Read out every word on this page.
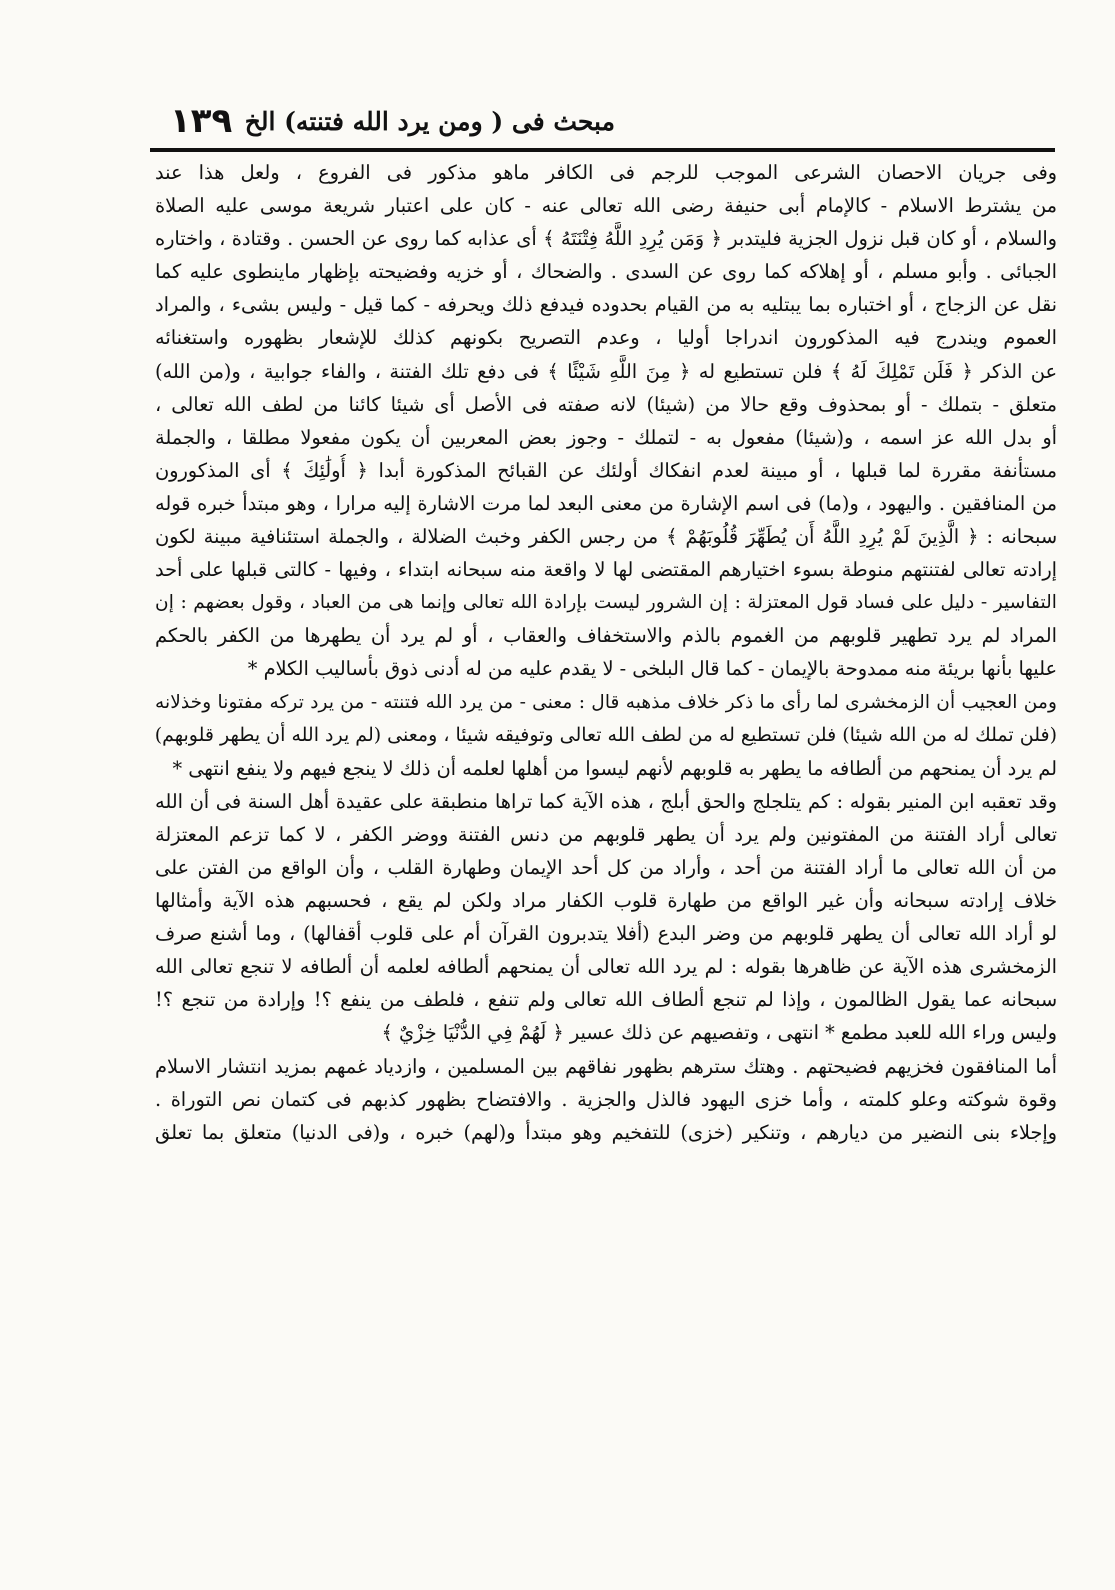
١٣٩ مبحث فى ( ومن يرد الله فتنته) الخ
وفى جريان الاحصان الشرعى الموجب للرجم فى الكافر ماهو مذكور فى الفروع ، ولعل هذا عند
من يشترط الاسلام - كالإمام أبى حنيفة رضى الله تعالى عنه - كان على اعتبار شريعة موسى عليه الصلاة
والسلام ، أو كان قبل نزول الجزية فليتدبر ﴿ وَمَن يُرِدِ اللَّهُ فِتْنَتَهُ ﴾ أى عذابه كما روى عن الحسن . وقتادة ، واختاره
الجبائى . وأبو مسلم ، أو إهلاكه كما روى عن السدى . والضحاك ، أو خزيه وفضيحته بإظهار ماينطوى عليه كما
نقل عن الزجاج ، أو اختباره بما يبتليه به من القيام بحدوده فيدفع ذلك ويحرفه - كما قيل - وليس بشىء ، والمراد
العموم ويندرج فيه المذكورون اندراجا أوليا ، وعدم التصريح بكونهم كذلك للإشعار بظهوره واستغنائه
عن الذكر ﴿ فَلَن تَمْلِكَ لَهُ ﴾ فلن تستطيع له ﴿ مِنَ اللَّهِ شَيْئًا ﴾ فى دفع تلك الفتنة ، والفاء جوابية ، و(من الله)
متعلق - بتملك - أو بمحذوف وقع حالا من (شيئا) لانه صفته فى الأصل أى شيئا كائنا من لطف الله تعالى ،
أو بدل الله عز اسمه ، و(شيئا) مفعول به - لتملك - وجوز بعض المعربين أن يكون مفعولا مطلقا ، والجملة
مستأنفة مقررة لما قبلها ، أو مبينة لعدم انفكاك أولئك عن القبائح المذكورة أبدا ﴿ أُولَٰئِكَ ﴾ أى المذكورون
من المنافقين . واليهود ، و(ما) فى اسم الإشارة من معنى البعد لما مرت الاشارة إليه مرارا ، وهو مبتدأ خبره قوله
سبحانه : ﴿ الَّذِينَ لَمْ يُرِدِ اللَّهُ أَن يُطَهِّرَ قُلُوبَهُمْ ﴾ من رجس الكفر وخبث الضلالة ، والجملة استئنافية مبينة لكون
إرادته تعالى لفتنتهم منوطة بسوء اختيارهم المقتضى لها لا واقعة منه سبحانه ابتداء ، وفيها - كالتى قبلها على أحد
التفاسير - دليل على فساد قول المعتزلة : إن الشرور ليست بإرادة الله تعالى وإنما هى من العباد ، وقول بعضهم : إن
المراد لم يرد تطهير قلوبهم من الغموم بالذم والاستخفاف والعقاب ، أو لم يرد أن يطهرها من الكفر بالحكم
عليها بأنها بريئة منه ممدوحة بالإيمان - كما قال البلخى - لا يقدم عليه من له أدنى ذوق بأساليب الكلام *
ومن العجيب أن الزمخشرى لما رأى ما ذكر خلاف مذهبه قال : معنى - من يرد الله فتنته - من يرد تركه مفتونا وخذلانه
(فلن تملك له من الله شيئا) فلن تستطيع له من لطف الله تعالى وتوفيقه شيئا ، ومعنى (لم يرد الله أن يطهر قلوبهم)
لم يرد أن يمنحهم من ألطافه ما يطهر به قلوبهم لأنهم ليسوا من أهلها لعلمه أن ذلك لا ينجع فيهم ولا ينفع انتهى *
وقد تعقبه ابن المنير بقوله : كم يتلجلج والحق أبلج ، هذه الآية كما تراها منطبقة على عقيدة أهل السنة فى أن الله
تعالى أراد الفتنة من المفتونين ولم يرد أن يطهر قلوبهم من دنس الفتنة ووضر الكفر ، لا كما تزعم المعتزلة
من أن الله تعالى ما أراد الفتنة من أحد ، وأراد من كل أحد الإيمان وطهارة القلب ، وأن الواقع من الفتن على
خلاف إرادته سبحانه وأن غير الواقع من طهارة قلوب الكفار مراد ولكن لم يقع ، فحسبهم هذه الآية وأمثالها
لو أراد الله تعالى أن يطهر قلوبهم من وضر البدع (أفلا يتدبرون القرآن أم على قلوب أقفالها) ، وما أشنع صرف
الزمخشرى هذه الآية عن ظاهرها بقوله : لم يرد الله تعالى أن يمنحهم ألطافه لعلمه أن ألطافه لا تنجع تعالى الله
سبحانه عما يقول الظالمون ، وإذا لم تنجع ألطاف الله تعالى ولم تنفع ، فلطف من ينفع ؟! وإرادة من تنجع ؟!
وليس وراء الله للعبد مطمع * انتهى ، وتفصيهم عن ذلك عسير ﴿ لَهُمْ فِي الدُّنْيَا خِزْيٌ ﴾
أما المنافقون فخزيهم فضيحتهم . وهتك سترهم بظهور نفاقهم بين المسلمين ، وازدياد غمهم بمزيد انتشار الاسلام
وقوة شوكته وعلو كلمته ، وأما خزى اليهود فالذل والجزية . والافتضاح بظهور كذبهم فى كتمان نص التوراة .
وإجلاء بنى النضير من ديارهم ، وتنكير (خزى) للتفخيم وهو مبتدأ و(لهم) خبره ، و(فى الدنيا) متعلق بما تعلق
